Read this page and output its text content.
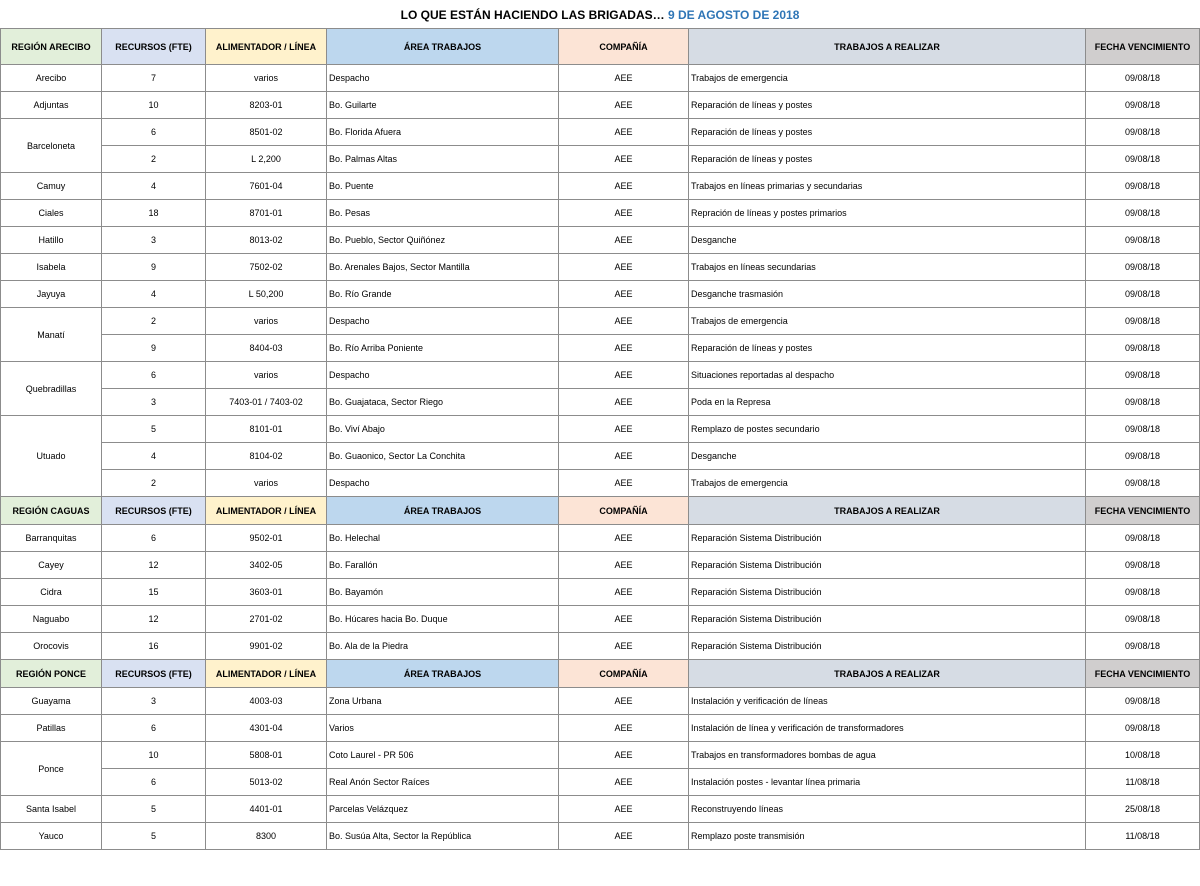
LO QUE ESTÁN HACIENDO LAS BRIGADAS… 9 DE AGOSTO DE 2018
REGIÓN ARECIBO	RECURSOS (FTE)	ALIMENTADOR / LÍNEA	ÁREA TRABAJOS	COMPAÑÍA	TRABAJOS A REALIZAR	FECHA VENCIMIENTO
Arecibo	7	varios	Despacho	AEE	Trabajos de emergencia	09/08/18
Adjuntas	10	8203-01	Bo. Guilarte	AEE	Reparación de líneas y postes	09/08/18
Barceloneta	6	8501-02	Bo. Florida Afuera	AEE	Reparación de líneas y postes	09/08/18
	2	L 2,200	Bo. Palmas Altas	AEE	Reparación de líneas y postes	09/08/18
Camuy	4	7601-04	Bo. Puente	AEE	Trabajos en líneas primarias y secundarias	09/08/18
Ciales	18	8701-01	Bo. Pesas	AEE	Repración de líneas y postes primarios	09/08/18
Hatillo	3	8013-02	Bo. Pueblo, Sector Quiñónez	AEE	Desganche	09/08/18
Isabela	9	7502-02	Bo. Arenales Bajos, Sector Mantilla	AEE	Trabajos en líneas secundarias	09/08/18
Jayuya	4	L 50,200	Bo. Río Grande	AEE	Desganche trasmasión	09/08/18
Manatí	2	varios	Despacho	AEE	Trabajos de emergencia	09/08/18
	9	8404-03	Bo. Río Arriba Poniente	AEE	Reparación de líneas y postes	09/08/18
Quebradillas	6	varios	Despacho	AEE	Situaciones reportadas al despacho	09/08/18
	3	7403-01 / 7403-02	Bo. Guajataca, Sector Riego	AEE	Poda en la Represa	09/08/18
Utuado	5	8101-01	Bo. Viví Abajo	AEE	Remplazo de postes secundario	09/08/18
	4	8104-02	Bo. Guaonico, Sector La Conchita	AEE	Desganche	09/08/18
	2	varios	Despacho	AEE	Trabajos de emergencia	09/08/18
REGIÓN CAGUAS	RECURSOS (FTE)	ALIMENTADOR / LÍNEA	ÁREA TRABAJOS	COMPAÑÍA	TRABAJOS A REALIZAR	FECHA VENCIMIENTO
Barranquitas	6	9502-01	Bo. Helechal	AEE	Reparación Sistema Distribución	09/08/18
Cayey	12	3402-05	Bo. Farallón	AEE	Reparación Sistema Distribución	09/08/18
Cidra	15	3603-01	Bo. Bayamón	AEE	Reparación Sistema Distribución	09/08/18
Naguabo	12	2701-02	Bo. Húcares hacia Bo. Duque	AEE	Reparación Sistema Distribución	09/08/18
Orocovis	16	9901-02	Bo. Ala de la Piedra	AEE	Reparación Sistema Distribución	09/08/18
REGIÓN PONCE	RECURSOS (FTE)	ALIMENTADOR / LÍNEA	ÁREA TRABAJOS	COMPAÑÍA	TRABAJOS A REALIZAR	FECHA VENCIMIENTO
Guayama	3	4003-03	Zona Urbana	AEE	Instalación y verificación de líneas	09/08/18
Patillas	6	4301-04	Varios	AEE	Instalación de línea y verificación de transformadores	09/08/18
Ponce	10	5808-01	Coto Laurel - PR 506	AEE	Trabajos en transformadores bombas de agua	10/08/18
	6	5013-02	Real Anón Sector Raíces	AEE	Instalación postes - levantar línea primaria	11/08/18
Santa Isabel	5	4401-01	Parcelas Velázquez	AEE	Reconstruyendo líneas	25/08/18
Yauco	5	8300	Bo. Susúa Alta, Sector la República	AEE	Remplazo poste transmisión	11/08/18
